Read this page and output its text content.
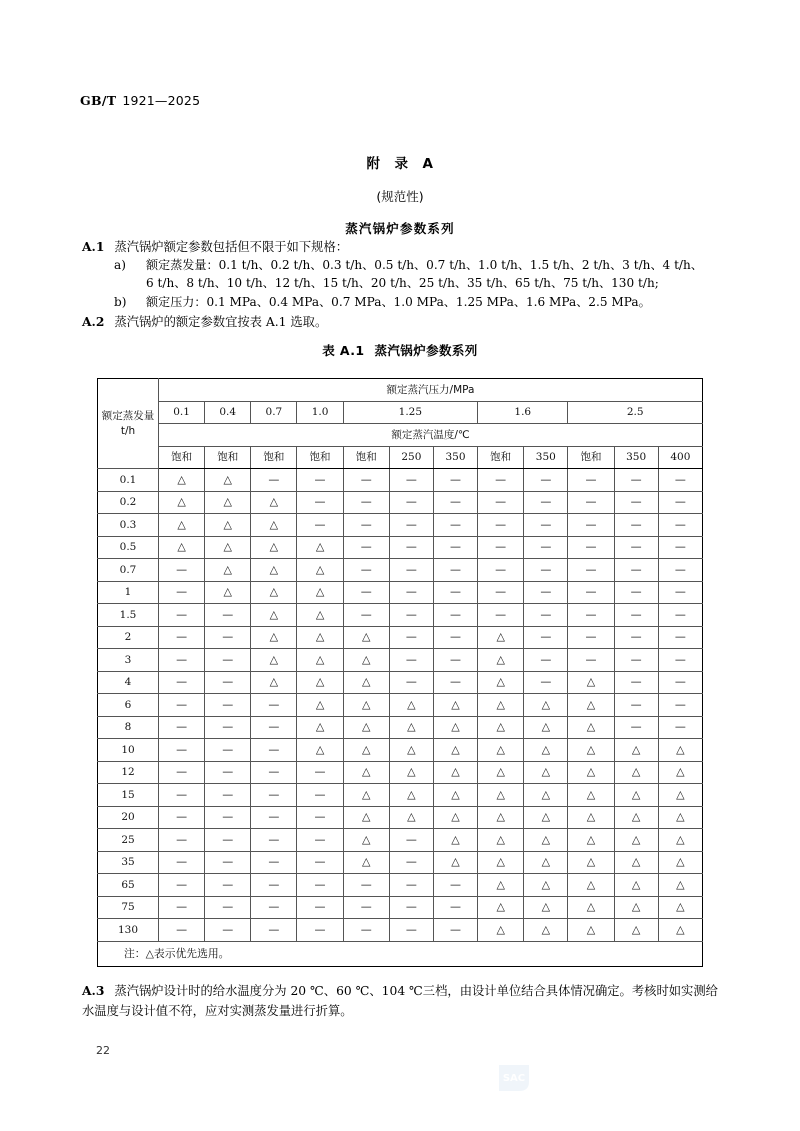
GB/T 1921—2025
附 录 A
(规范性)
蒸汽锅炉参数系列
A.1 蒸汽锅炉额定参数包括但不限于如下规格：
a) 额定蒸发量：0.1 t/h、0.2 t/h、0.3 t/h、0.5 t/h、0.7 t/h、1.0 t/h、1.5 t/h、2 t/h、3 t/h、4 t/h、
6 t/h、8 t/h、10 t/h、12 t/h、15 t/h、20 t/h、25 t/h、35 t/h、65 t/h、75 t/h、130 t/h;
b) 额定压力：0.1 MPa、0.4 MPa、0.7 MPa、1.0 MPa、1.25 MPa、1.6 MPa、2.5 MPa。
A.2 蒸汽锅炉的额定参数宜按表 A.1 选取。
表 A.1 蒸汽锅炉参数系列
额定蒸发量
t/h	额定蒸汽压力/MPa											
	0.1	0.4	0.7	1.0	1.25			1.6		2.5		
	额定蒸汽温度/℃											
	饱和	饱和	饱和	饱和	饱和	250	350	饱和	350	饱和	350	400
0.1	△	△	—	—	—	—	—	—	—	—	—	—
0.2	△	△	△	—	—	—	—	—	—	—	—	—
0.3	△	△	△	—	—	—	—	—	—	—	—	—
0.5	△	△	△	△	—	—	—	—	—	—	—	—
0.7	—	△	△	△	—	—	—	—	—	—	—	—
1	—	△	△	△	—	—	—	—	—	—	—	—
1.5	—	—	△	△	—	—	—	—	—	—	—	—
2	—	—	△	△	△	—	—	△	—	—	—	—
3	—	—	△	△	△	—	—	△	—	—	—	—
4	—	—	△	△	△	—	—	△	—	△	—	—
6	—	—	—	△	△	△	△	△	△	△	—	—
8	—	—	—	△	△	△	△	△	△	△	—	—
10	—	—	—	△	△	△	△	△	△	△	△	△
12	—	—	—	—	△	△	△	△	△	△	△	△
15	—	—	—	—	△	△	△	△	△	△	△	△
20	—	—	—	—	△	△	△	△	△	△	△	△
25	—	—	—	—	△	—	△	△	△	△	△	△
35	—	—	—	—	△	—	△	△	△	△	△	△
65	—	—	—	—	—	—	—	△	△	△	△	△
75	—	—	—	—	—	—	—	△	△	△	△	△
130	—	—	—	—	—	—	—	△	△	△	△	△
注：△表示优先选用。												
A.3 蒸汽锅炉设计时的给水温度分为 20 ℃、60 ℃、104 ℃三档，由设计单位结合具体情况确定。考核时如实测给水温度与设计值不符，应对实测蒸发量进行折算。
22
SAC
